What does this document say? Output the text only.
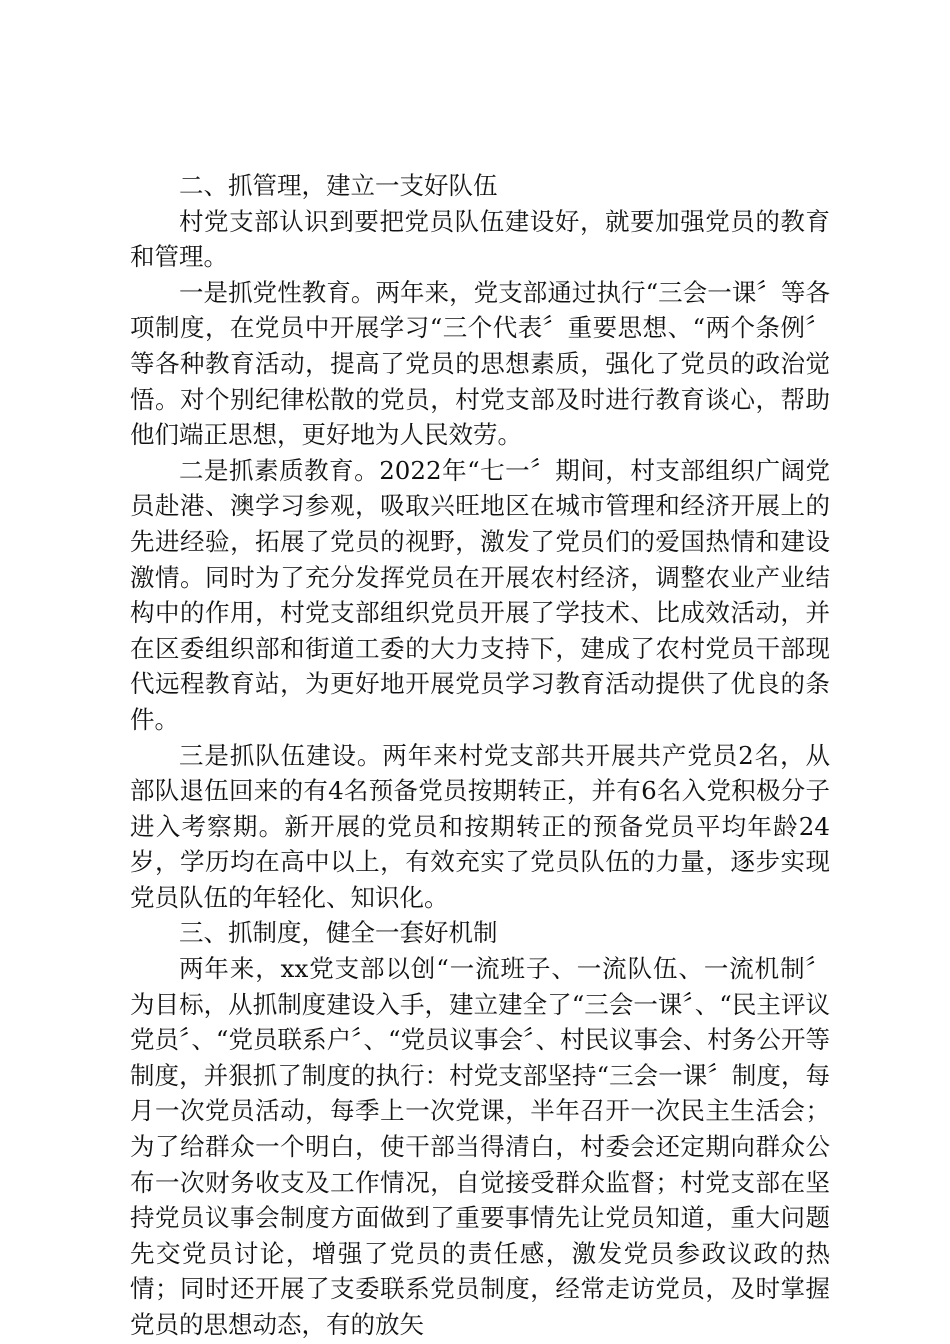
二、抓管理，建立一支好队伍

村党支部认识到要把党员队伍建设好，就要加强党员的教育和管理。

一是抓党性教育。两年来，党支部通过执行“三会一课〞等各项制度，在党员中开展学习“三个代表〞重要思想、“两个条例〞等各种教育活动，提高了党员的思想素质，强化了党员的政治觉悟。对个别纪律松散的党员，村党支部及时进行教育谈心，帮助他们端正思想，更好地为人民效劳。

二是抓素质教育。2022年“七一〞期间，村支部组织广阔党员赴港、澳学习参观，吸取兴旺地区在城市管理和经济开展上的先进经验，拓展了党员的视野，激发了党员们的爱国热情和建设激情。同时为了充分发挥党员在开展农村经济，调整农业产业结构中的作用，村党支部组织党员开展了学技术、比成效活动，并在区委组织部和街道工委的大力支持下，建成了农村党员干部现代远程教育站，为更好地开展党员学习教育活动提供了优良的条件。

三是抓队伍建设。两年来村党支部共开展共产党员2名，从部队退伍回来的有4名预备党员按期转正，并有6名入党积极分子进入考察期。新开展的党员和按期转正的预备党员平均年龄24岁，学历均在高中以上，有效充实了党员队伍的力量，逐步实现党员队伍的年轻化、知识化。

三、抓制度，健全一套好机制

两年来，xx党支部以创“一流班子、一流队伍、一流机制〞为目标，从抓制度建设入手，建立建全了“三会一课〞、“民主评议党员〞、“党员联系户〞、“党员议事会〞、村民议事会、村务公开等制度，并狠抓了制度的执行：村党支部坚持“三会一课〞制度，每月一次党员活动，每季上一次党课，半年召开一次民主生活会；为了给群众一个明白，使干部当得清白，村委会还定期向群众公布一次财务收支及工作情况，自觉接受群众监督；村党支部在坚持党员议事会制度方面做到了重要事情先让党员知道，重大问题先交党员讨论，增强了党员的责任感，激发党员参政议政的热情；同时还开展了支委联系党员制度，经常走访党员，及时掌握党员的思想动态，有的放矢
